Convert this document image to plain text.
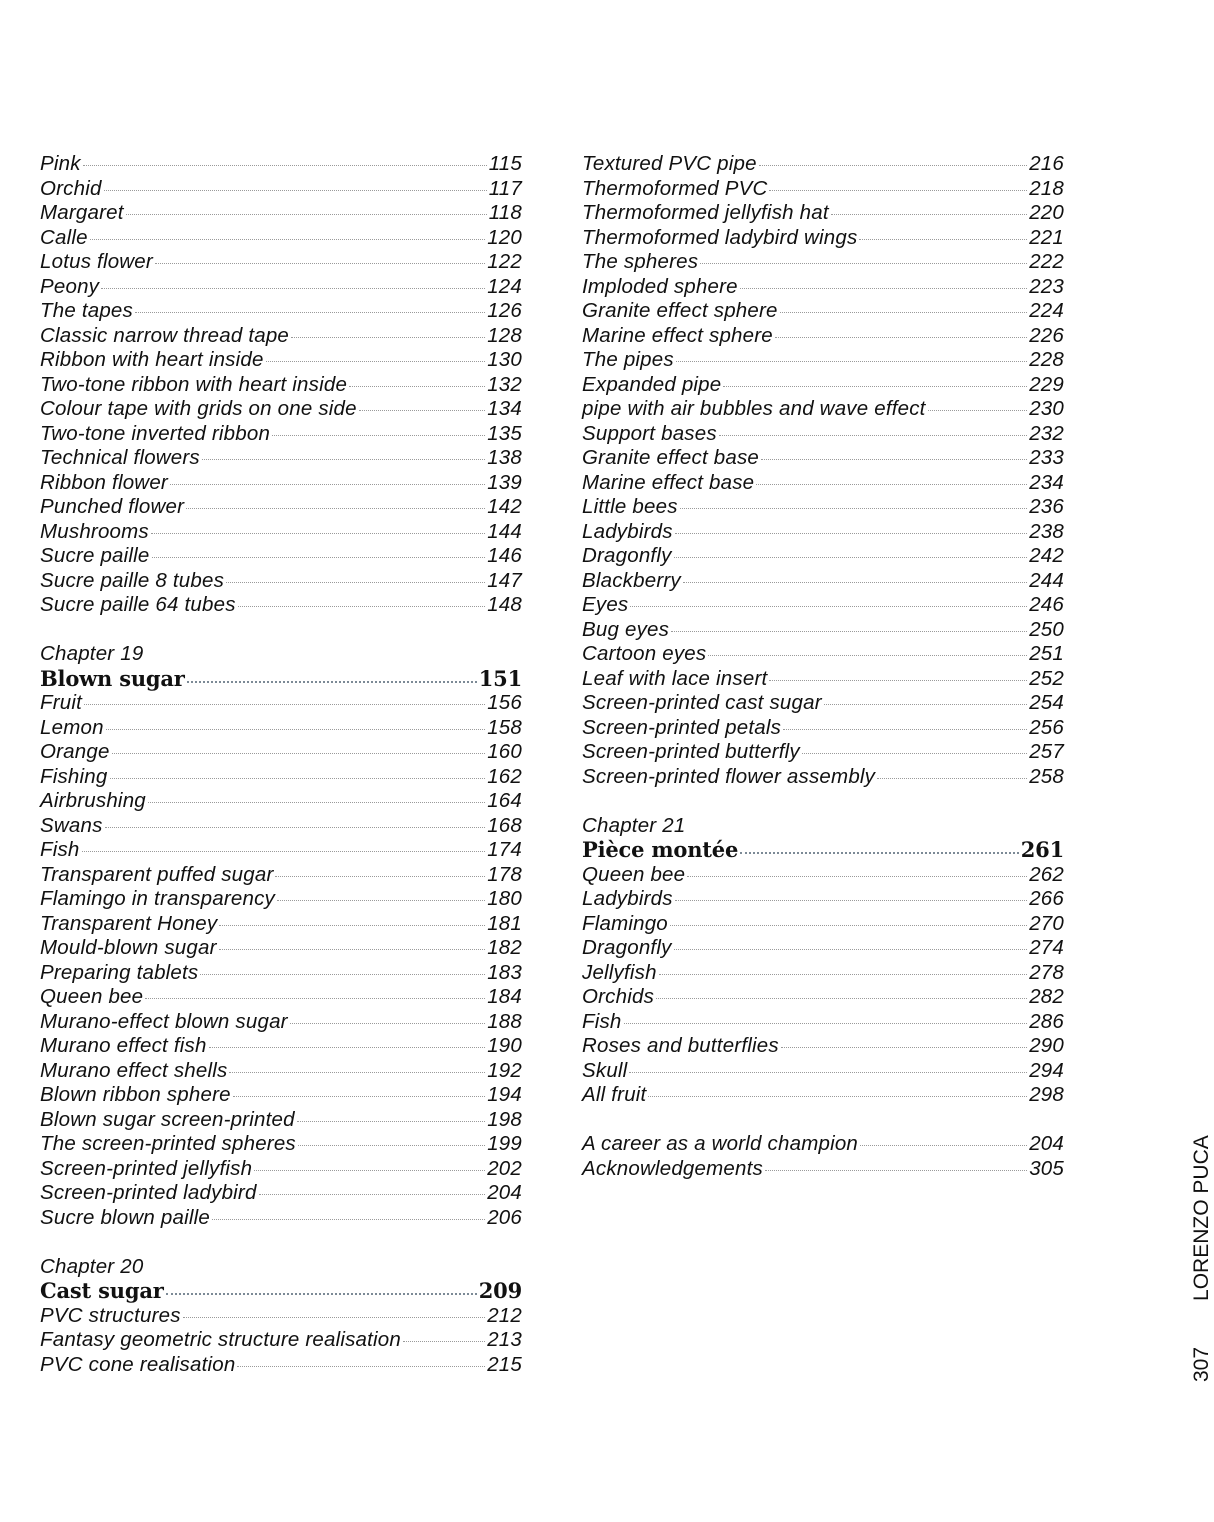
Pink	115
Orchid	117
Margaret	118
Calle	120
Lotus flower	122
Peony	124
The tapes	126
Classic narrow thread tape	128
Ribbon with heart inside	130
Two-tone ribbon with heart inside	132
Colour tape with grids on one side	134
Two-tone inverted ribbon	135
Technical flowers	138
Ribbon flower	139
Punched flower	142
Mushrooms	144
Sucre paille	146
Sucre paille 8 tubes	147
Sucre paille 64 tubes	148
Chapter 19
Blown sugar	151
Fruit	156
Lemon	158
Orange	160
Fishing	162
Airbrushing	164
Swans	168
Fish	174
Transparent puffed sugar	178
Flamingo in transparency	180
Transparent Honey	181
Mould-blown sugar	182
Preparing tablets	183
Queen bee	184
Murano-effect blown sugar	188
Murano effect fish	190
Murano effect shells	192
Blown ribbon sphere	194
Blown sugar screen-printed	198
The screen-printed spheres	199
Screen-printed jellyfish	202
Screen-printed ladybird	204
Sucre blown paille	206
Chapter 20
Cast sugar	209
PVC structures	212
Fantasy geometric structure realisation	213
PVC cone realisation	215
Textured PVC pipe	216
Thermoformed PVC	218
Thermoformed jellyfish hat	220
Thermoformed ladybird wings	221
The spheres	222
Imploded sphere	223
Granite effect sphere	224
Marine effect sphere	226
The pipes	228
Expanded pipe	229
pipe with air bubbles and wave effect	230
Support bases	232
Granite effect base	233
Marine effect base	234
Little bees	236
Ladybirds	238
Dragonfly	242
Blackberry	244
Eyes	246
Bug eyes	250
Cartoon eyes	251
Leaf with lace insert	252
Screen-printed cast sugar	254
Screen-printed petals	256
Screen-printed butterfly	257
Screen-printed flower assembly	258
Chapter 21
Pièce montée	261
Queen bee	262
Ladybirds	266
Flamingo	270
Dragonfly	274
Jellyfish	278
Orchids	282
Fish	286
Roses and butterflies	290
Skull	294
All fruit	298
A career as a world champion	204
Acknowledgements	305
307
LORENZO PUCA
